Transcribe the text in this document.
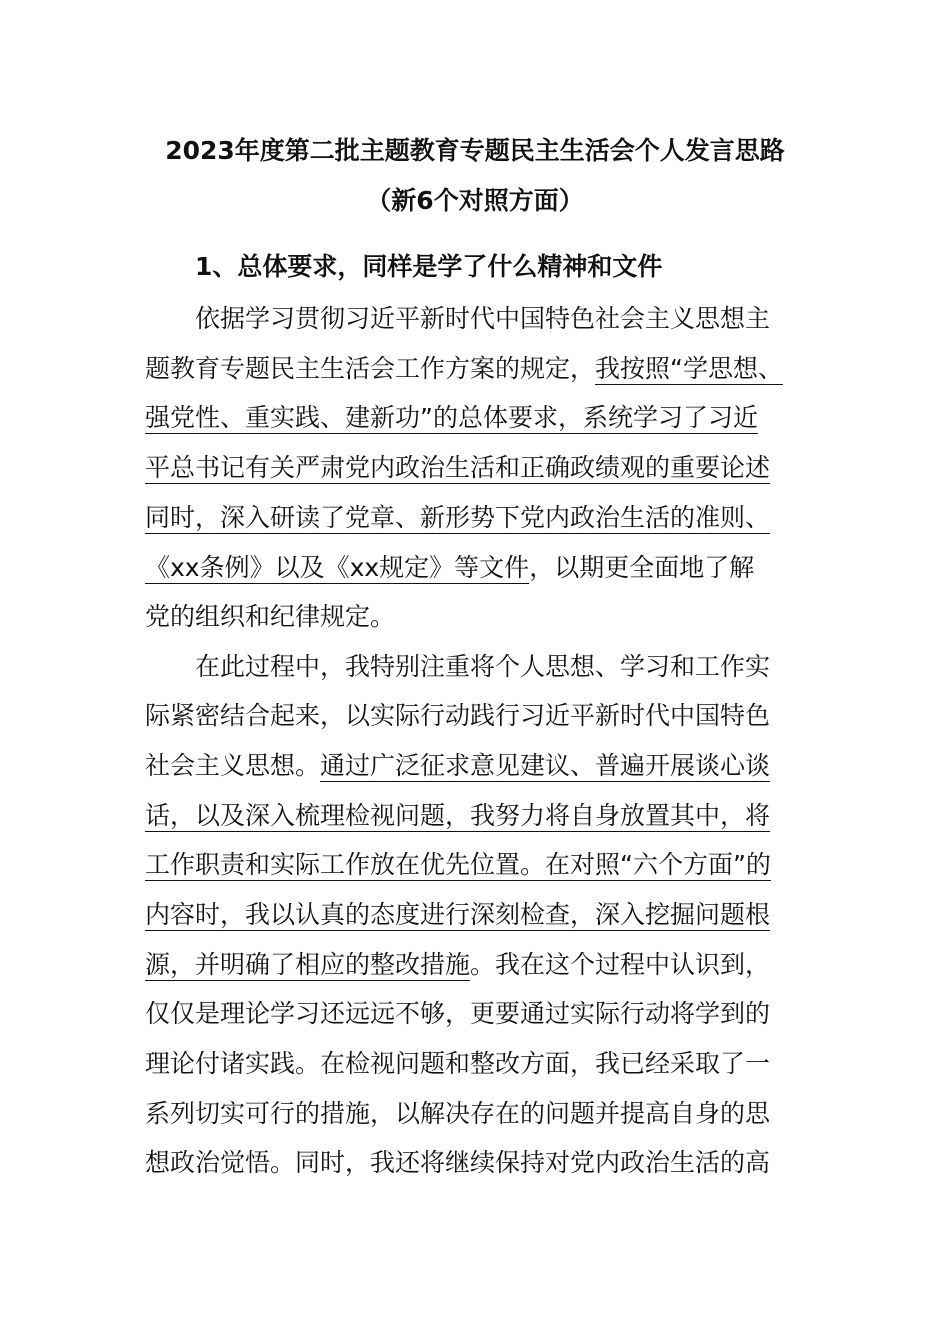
2023年度第二批主题教育专题民主生活会个人发言思路
（新6个对照方面）
1、总体要求，同样是学了什么精神和文件
依据学习贯彻习近平新时代中国特色社会主义思想主
题教育专题民主生活会工作方案的规定，我按照“学思想、
强党性、重实践、建新功”的总体要求，系统学习了习近
平总书记有关严肃党内政治生活和正确政绩观的重要论述
同时，深入研读了党章、新形势下党内政治生活的准则、
《xx条例》以及《xx规定》等文件，以期更全面地了解
党的组织和纪律规定。
在此过程中，我特别注重将个人思想、学习和工作实
际紧密结合起来，以实际行动践行习近平新时代中国特色
社会主义思想。通过广泛征求意见建议、普遍开展谈心谈
话，以及深入梳理检视问题，我努力将自身放置其中，将
工作职责和实际工作放在优先位置。在对照“六个方面”的
内容时，我以认真的态度进行深刻检查，深入挖掘问题根
源，并明确了相应的整改措施。我在这个过程中认识到，
仅仅是理论学习还远远不够，更要通过实际行动将学到的
理论付诸实践。在检视问题和整改方面，我已经采取了一
系列切实可行的措施，以解决存在的问题并提高自身的思
想政治觉悟。同时，我还将继续保持对党内政治生活的高
